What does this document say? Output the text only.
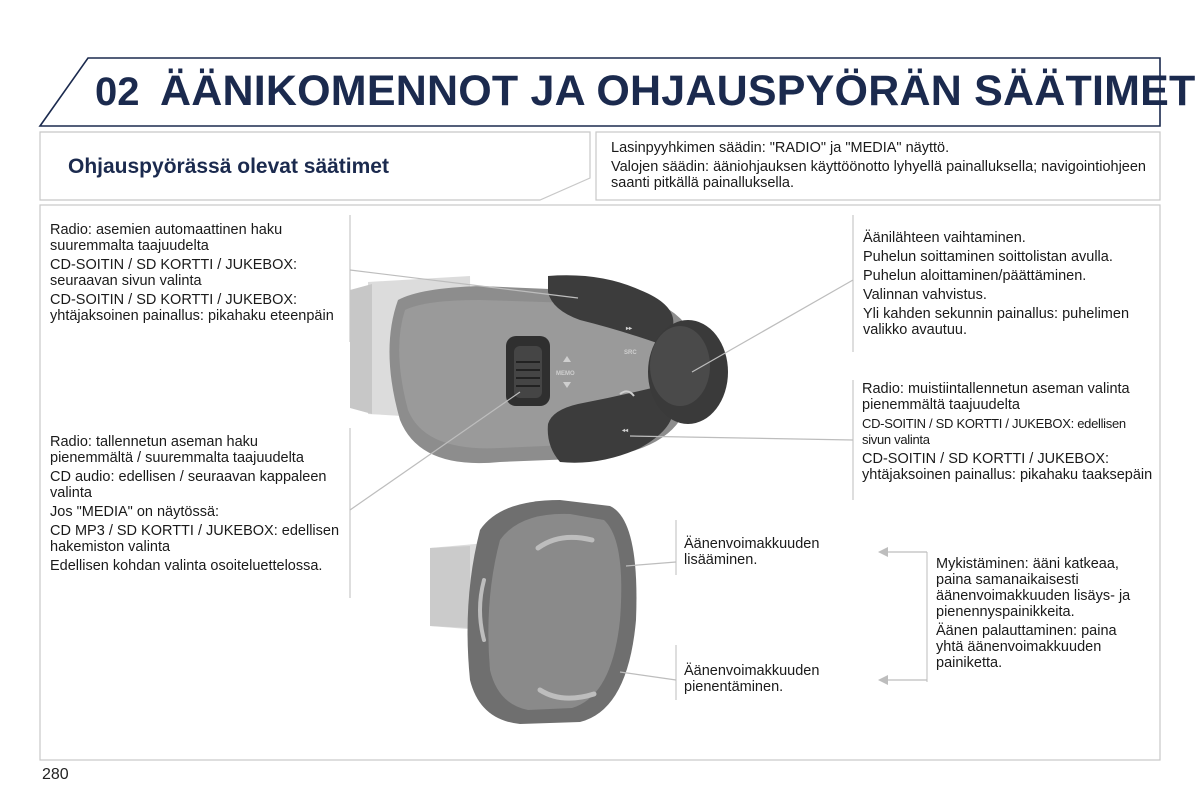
MEMO
SRC
▸▸
◂◂
02 ÄÄNIKOMENNOT JA OHJAUSPYÖRÄN SÄÄTIMET
Ohjauspyörässä olevat säätimet

Lasinpyyhkimen säädin: "RADIO" ja "MEDIA" näyttö.

Valojen säädin: ääniohjauksen käyttöönotto lyhyellä painalluksella; navigointiohjeen saanti pitkällä painalluksella.

Radio: asemien automaattinen haku suuremmalta taajuudelta

CD-SOITIN / SD KORTTI / JUKEBOX: seuraavan sivun valinta

CD-SOITIN / SD KORTTI / JUKEBOX: yhtäjaksoinen painallus: pikahaku eteenpäin

Radio: tallennetun aseman haku pienemmältä / suuremmalta taajuudelta

CD audio: edellisen / seuraavan kappaleen valinta

Jos "MEDIA" on näytössä:

CD MP3 / SD KORTTI / JUKEBOX: edellisen hakemiston valinta

Edellisen kohdan valinta osoiteluettelossa.

Äänilähteen vaihtaminen.

Puhelun soittaminen soittolistan avulla.

Puhelun aloittaminen/päättäminen.

Valinnan vahvistus.

Yli kahden sekunnin painallus: puhelimen valikko avautuu.

Radio: muistiintallennetun aseman valinta pienemmältä taajuudelta

CD-SOITIN / SD KORTTI / JUKEBOX: edellisen sivun valinta

CD-SOITIN / SD KORTTI / JUKEBOX: yhtäjaksoinen painallus: pikahaku taaksepäin

Äänenvoimakkuuden lisääminen.
Äänenvoimakkuuden pienentäminen.

Mykistäminen: ääni katkeaa, paina samanaikaisesti äänenvoimakkuuden lisäys- ja pienennyspainikkeita.

Äänen palauttaminen: paina yhtä äänenvoimakkuuden painiketta.

280
